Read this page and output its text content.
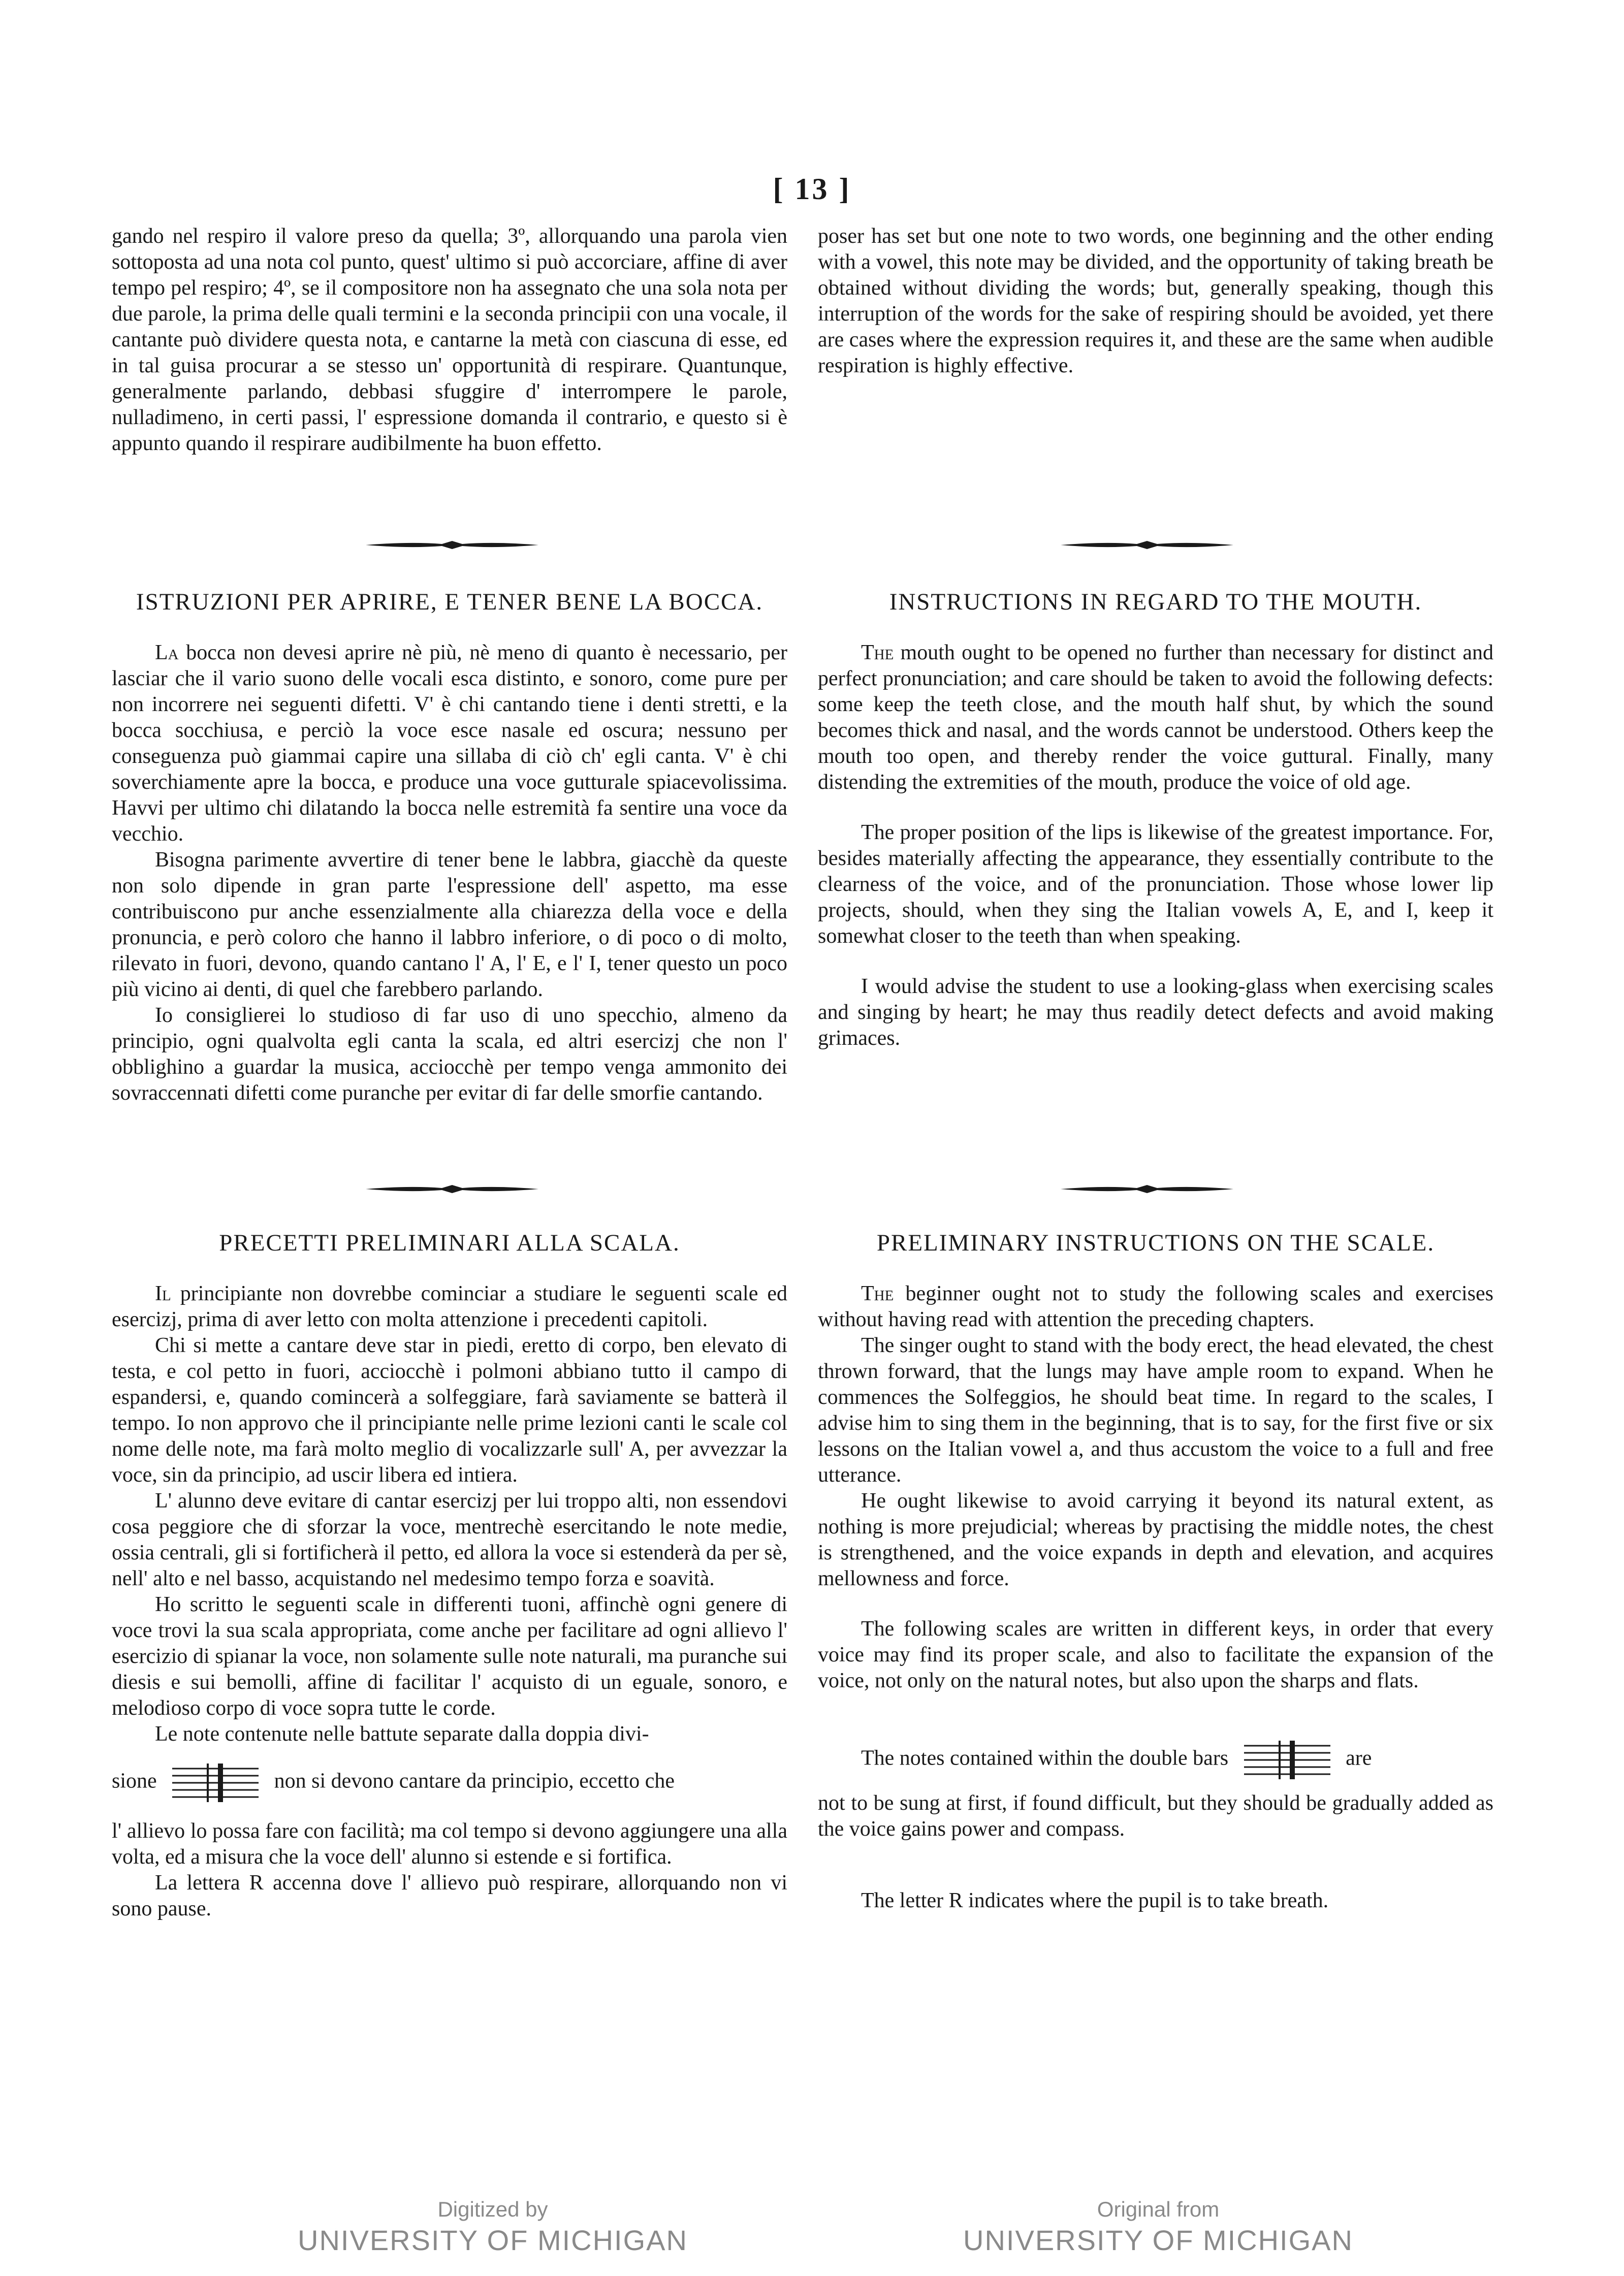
[ 13 ]

gando nel respiro il valore preso da quella; 3º, allorquando una parola vien sottoposta ad una nota col punto, quest' ultimo si può accorciare, affine di aver tempo pel respiro; 4º, se il compositore non ha assegnato che una sola nota per due parole, la prima delle quali termini e la seconda principii con una vocale, il cantante può dividere questa nota, e cantarne la metà con ciascuna di esse, ed in tal guisa procurar a se stesso un' opportunità di respirare. Quantunque, generalmente parlando, debbasi sfuggire d' interrompere le parole, nulladimeno, in certi passi, l' espressione domanda il contrario, e questo si è appunto quando il respirare audibilmente ha buon effetto.

poser has set but one note to two words, one beginning and the other ending with a vowel, this note may be divided, and the opportunity of taking breath be obtained without dividing the words; but, generally speaking, though this interruption of the words for the sake of respiring should be avoided, yet there are cases where the expression requires it, and these are the same when audible respiration is highly effective.

ISTRUZIONI PER APRIRE, E TENER BENE LA BOCCA.

La bocca non devesi aprire nè più, nè meno di quanto è necessario, per lasciar che il vario suono delle vocali esca distinto, e sonoro, come pure per non incorrere nei seguenti difetti. V' è chi cantando tiene i denti stretti, e la bocca socchiusa, e perciò la voce esce nasale ed oscura; nessuno per conseguenza può giammai capire una sillaba di ciò ch' egli canta. V' è chi soverchiamente apre la bocca, e produce una voce gutturale spiacevolissima. Havvi per ultimo chi dilatando la bocca nelle estremità fa sentire una voce da vecchio.

Bisogna parimente avvertire di tener bene le labbra, giacchè da queste non solo dipende in gran parte l'espressione dell' aspetto, ma esse contribuiscono pur anche essenzialmente alla chiarezza della voce e della pronuncia, e però coloro che hanno il labbro inferiore, o di poco o di molto, rilevato in fuori, devono, quando cantano l' A, l' E, e l' I, tener questo un poco più vicino ai denti, di quel che farebbero parlando.

Io consiglierei lo studioso di far uso di uno specchio, almeno da principio, ogni qualvolta egli canta la scala, ed altri esercizj che non l' obblighino a guardar la musica, acciocchè per tempo venga ammonito dei sovraccennati difetti come puranche per evitar di far delle smorfie cantando.

INSTRUCTIONS IN REGARD TO THE MOUTH.

The mouth ought to be opened no further than necessary for distinct and perfect pronunciation; and care should be taken to avoid the following defects: some keep the teeth close, and the mouth half shut, by which the sound becomes thick and nasal, and the words cannot be understood. Others keep the mouth too open, and thereby render the voice guttural. Finally, many distending the extremities of the mouth, produce the voice of old age.

The proper position of the lips is likewise of the greatest importance. For, besides materially affecting the appearance, they essentially contribute to the clearness of the voice, and of the pronunciation. Those whose lower lip projects, should, when they sing the Italian vowels A, E, and I, keep it somewhat closer to the teeth than when speaking.

I would advise the student to use a looking-glass when exercising scales and singing by heart; he may thus readily detect defects and avoid making grimaces.

PRECETTI PRELIMINARI ALLA SCALA.

Il principiante non dovrebbe cominciar a studiare le seguenti scale ed esercizj, prima di aver letto con molta attenzione i precedenti capitoli.

Chi si mette a cantare deve star in piedi, eretto di corpo, ben elevato di testa, e col petto in fuori, acciocchè i polmoni abbiano tutto il campo di espandersi, e, quando comincerà a solfeggiare, farà saviamente se batterà il tempo. Io non approvo che il principiante nelle prime lezioni canti le scale col nome delle note, ma farà molto meglio di vocalizzarle sull' A, per avvezzar la voce, sin da principio, ad uscir libera ed intiera.

L' alunno deve evitare di cantar esercizj per lui troppo alti, non essendovi cosa peggiore che di sforzar la voce, mentrechè esercitando le note medie, ossia centrali, gli si fortificherà il petto, ed allora la voce si estenderà da per sè, nell' alto e nel basso, acquistando nel medesimo tempo forza e soavità.

Ho scritto le seguenti scale in differenti tuoni, affinchè ogni genere di voce trovi la sua scala appropriata, come anche per facilitare ad ogni allievo l' esercizio di spianar la voce, non solamente sulle note naturali, ma puranche sui diesis e sui bemolli, affine di facilitar l' acquisto di un eguale, sonoro, e melodioso corpo di voce sopra tutte le corde.

Le note contenute nelle battute separate dalla doppia divi-

sione	non si devono cantare da principio, eccetto che

l' allievo lo possa fare con facilità; ma col tempo si devono aggiungere una alla volta, ed a misura che la voce dell' alunno si estende e si fortifica.

La lettera R accenna dove l' allievo può respirare, allorquando non vi sono pause.

PRELIMINARY INSTRUCTIONS ON THE SCALE.

The beginner ought not to study the following scales and exercises without having read with attention the preceding chapters.

The singer ought to stand with the body erect, the head elevated, the chest thrown forward, that the lungs may have ample room to expand. When he commences the Solfeggios, he should beat time. In regard to the scales, I advise him to sing them in the beginning, that is to say, for the first five or six lessons on the Italian vowel a, and thus accustom the voice to a full and free utterance.

He ought likewise to avoid carrying it beyond its natural extent, as nothing is more prejudicial; whereas by practising the middle notes, the chest is strengthened, and the voice expands in depth and elevation, and acquires mellowness and force.

The following scales are written in different keys, in order that every voice may find its proper scale, and also to facilitate the expansion of the voice, not only on the natural notes, but also upon the sharps and flats.

The notes contained within the double bars	are

not to be sung at first, if found difficult, but they should be gradually added as the voice gains power and compass.

The letter R indicates where the pupil is to take breath.

Digitized by
UNIVERSITY OF MICHIGAN
Original from
UNIVERSITY OF MICHIGAN
